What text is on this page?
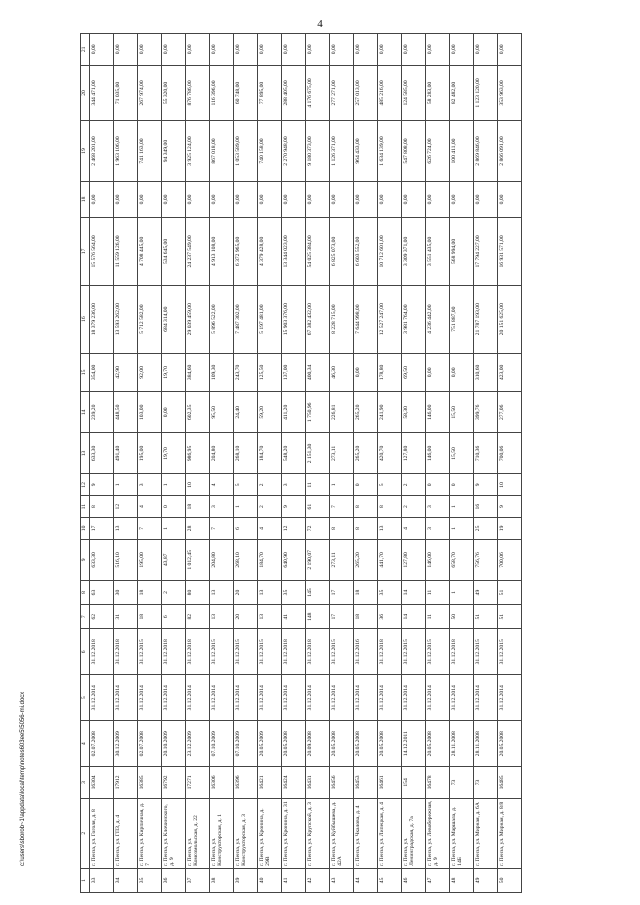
4
1	2	3	4	5	6	7	8	9	10	11	12	13	14	15	16	17	18	19	20	21
33	г. Пенза, ул. Гоголя, д. 8	16304	02.07.2008	31.12.2014	31.12.2018	62	63	633,30	17	8	9	633,30	239,20	354,00	18 379 236,00	15 576 564,00	0,00	2 468 201,00	344 471,00	0,00
34	г. Пенза, ул. ГПЗ, д. 4	17912	30.12.2009	31.12.2014	31.12.2018	31	30	516,10	13	12	1	491,40	448,50	42,90	13 593 262,00	11 559 126,00	0,00	1 963 106,00	71 035,00	0,00
35	г. Пенза, ул. Кирпичная, д. 7	16385	02.07.2008	31.12.2014	31.12.2015	18	18	195,00	7	4	3	195,00	103,00	92,00	5 712 582,00	4 708 445,00	0,00	741 163,00	267 974,00	0,00
36	г. Пенза, ул. Клочинского, д. 9	16792	20.10.2009	31.12.2014	31.12.2018	6	2	43,87	1	0	1	19,70	0,00	19,70	684 314,00	534 645,00	0,00	94 349,00	55 320,00	0,00
37	г. Пенза, ул. Комсомольская, д. 22	17271	23.12.2009	31.12.2014	31.12.2018	82	80	1 012,45	28	18	10	986,95	602,35	384,60	29 039 459,00	24 237 549,00	0,00	3 925 124,00	876 786,00	0,00
38	г. Пенза, ул. Конструкторская, д. 1	16306	07.10.2009	31.12.2014	31.12.2015	13	13	204,80	7	3	4	204,80	95,50	109,30	5 896 522,00	4 913 108,00	0,00	867 018,00	116 396,00	0,00
39	г. Пенза, ул. Конструкторская, д. 3	16396	07.10.2009	31.12.2014	31.12.2015	20	20	268,10	6	1	5	268,10	24,40	243,70	7 487 302,00	6 372 965,00	0,00	1 053 589,00	60 748,00	0,00
40	г. Пенза, ул. Кронина, д. 29В	16421	20.05.2009	31.12.2014	31.12.2015	13	13	184,70	4	2	2	184,70	59,20	125,50	5 197 481,00	4 379 428,00	0,00	740 158,00	77 895,00	0,00
41	г. Пенза, ул. Кронина, д. 31	16424	20.05.2008	31.12.2014	31.12.2018	41	35	640,90	12	9	3	548,20	411,20	137,00	15 903 376,00	13 344 023,00	0,00	2 270 948,00	288 405,00	0,00
42	г. Пенза, ул. Крупской, д. 3	16431	20.09.2008	31.12.2014	31.12.2018	148	145	2 190,07	72	61	11	2 151,30	1 750,96	400,34	67 382 432,00	54 025 384,00	0,00	9 180 373,00	4 176 675,00	0,00
43	г. Пенза, ул. Куйбышева, д. 42А	16456	20.05.2008	31.12.2014	31.12.2015	17	17	273,11	8	7	1	273,11	226,81	46,30	8 228 715,00	6 825 073,00	0,00	1 126 371,00	277 271,00	0,00
44	г. Пенза, ул. Чкалова, д. 4	16453	20.05.2008	31.12.2014	31.12.2016	18	18	265,20	8	8	0	265,20	265,20	0,00	7 644 998,00	6 603 552,00	0,00	964 433,00	257 013,00	0,00
45	г. Пенза, ул. Липецкая, д. 4	16461	20.05.2008	31.12.2014	31.12.2018	36	35	441,70	13	8	5	420,70	241,90	178,80	12 527 247,00	10 712 601,00	0,00	1 634 139,00	485 216,00	0,00
46	г. Пенза, ул. Ленинградская, д. 7а	154	14.12.2011	31.12.2014	31.12.2015	14	14	127,80	4	2	2	127,80	58,30	69,50	3 981 764,00	3 309 371,00	0,00	547 808,00	124 585,00	0,00
47	г. Пенза, ул. Левобережная, д. 9	16478	20.05.2008	31.12.2014	31.12.2015	11	11	146,00	3	3	0	146,00	146,00	0,00	4 236 442,00	3 551 435,00	0,00	626 724,00	58 283,00	0,00
48	г. Пенза, ул. Маршала, д. 14Б	73	28.11.2008	31.12.2014	31.12.2018	50	1	658,70	1	1	0	15,50	15,50	0,00	751 887,00	568 994,00	0,00	100 411,00	82 482,00	0,00
49	г. Пенза, ул. Мирная, д. 6А	73	28.11.2008	31.12.2014	31.12.2015	51	49	756,76	25	16	9	710,36	399,76	310,60	21 787 193,00	17 794 227,00	0,00	2 869 846,00	1 123 120,00	0,00
50	г. Пенза, ул. Мирная, д. 8/8	16485	20.05.2008	31.12.2014	31.12.2015	51	51	700,06	19	9	10	700,06	277,06	423,00	20 151 625,00	16 931 571,00	0,00	2 866 091,00	353 963,00	0,00
c:\users\sborob~1\appdata\local\temp\notes603ee5\5056-mi.docx
